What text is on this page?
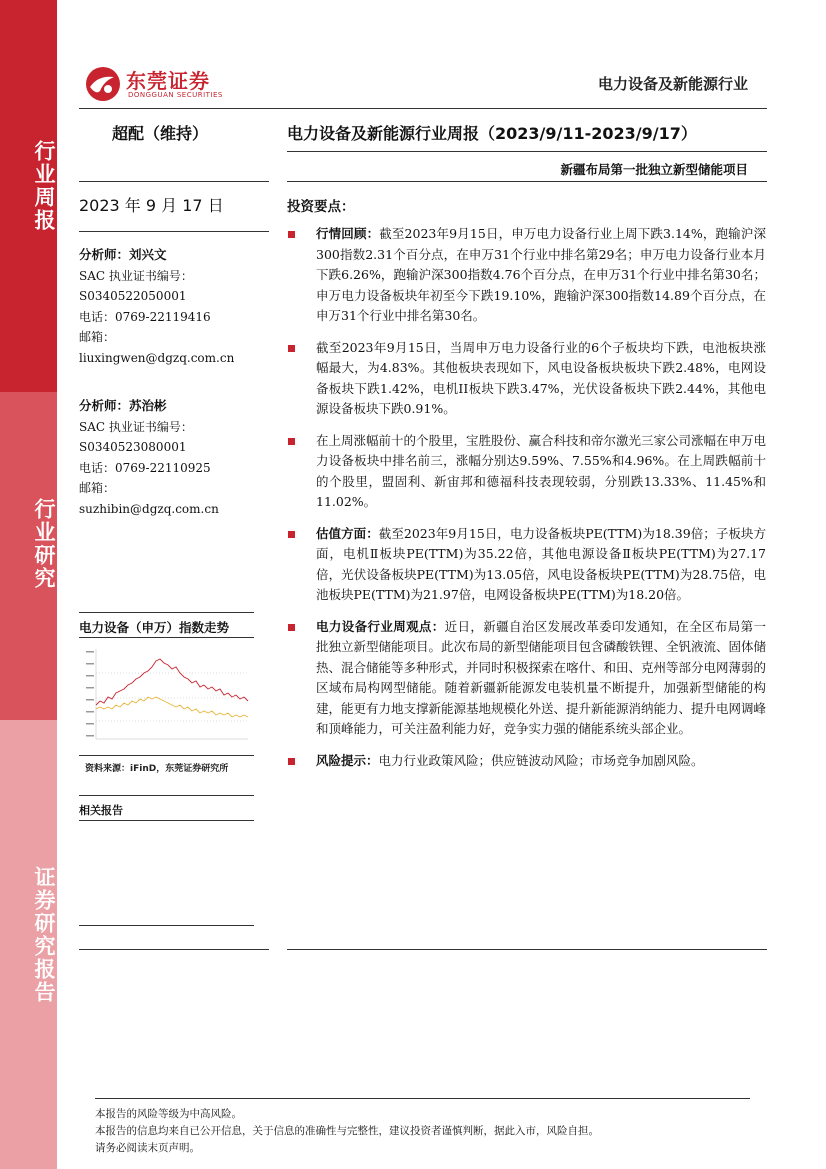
行业周报
行业研究
证券研究报告
东莞证券
DONGGUAN SECURITIES
电力设备及新能源行业
超配（维持）	电力设备及新能源行业周报（2023/9/11-2023/9/17）
新疆布局第一批独立新型储能项目
2023 年 9 月 17 日
分析师：刘兴文
SAC 执业证书编号：
S0340522050001
电话：0769-22119416
邮箱：
liuxingwen@dgzq.com.cn
分析师：苏治彬
SAC 执业证书编号：
S0340523080001
电话：0769-22110925
邮箱：
suzhibin@dgzq.com.cn
电力设备（申万）指数走势
资料来源：iFinD，东莞证券研究所
相关报告
投资要点：
行情回顾：截至2023年9月15日，申万电力设备行业上周下跌3.14%，跑输沪深300指数2.31个百分点，在申万31个行业中排名第29名；申万电力设备行业本月下跌6.26%，跑输沪深300指数4.76个百分点，在申万31个行业中排名第30名；申万电力设备板块年初至今下跌19.10%，跑输沪深300指数14.89个百分点，在申万31个行业中排名第30名。
截至2023年9月15日，当周申万电力设备行业的6个子板块均下跌，电池板块涨幅最大，为4.83%。其他板块表现如下，风电设备板块板块下跌2.48%，电网设备板块下跌1.42%，电机II板块下跌3.47%，光伏设备板块下跌2.44%，其他电源设备板块下跌0.91%。
在上周涨幅前十的个股里，宝胜股份、赢合科技和帝尔激光三家公司涨幅在申万电力设备板块中排名前三，涨幅分别达9.59%、7.55%和4.96%。在上周跌幅前十的个股里，盟固利、新宙邦和德福科技表现较弱，分别跌13.33%、11.45%和11.02%。
估值方面：截至2023年9月15日，电力设备板块PE(TTM)为18.39倍；子板块方面，电机Ⅱ板块PE(TTM)为35.22倍，其他电源设备Ⅱ板块PE(TTM)为27.17倍，光伏设备板块PE(TTM)为13.05倍，风电设备板块PE(TTM)为28.75倍，电池板块PE(TTM)为21.97倍，电网设备板块PE(TTM)为18.20倍。
电力设备行业周观点：近日，新疆自治区发展改革委印发通知，在全区布局第一批独立新型储能项目。此次布局的新型储能项目包含磷酸铁锂、全钒液流、固体储热、混合储能等多种形式，并同时积极探索在喀什、和田、克州等部分电网薄弱的区域布局构网型储能。随着新疆新能源发电装机量不断提升，加强新型储能的构建，能更有力地支撑新能源基地规模化外送、提升新能源消纳能力、提升电网调峰和顶峰能力，可关注盈利能力好，竞争实力强的储能系统头部企业。
风险提示：电力行业政策风险；供应链波动风险；市场竞争加剧风险。
本报告的风险等级为中高风险。
本报告的信息均来自已公开信息，关于信息的准确性与完整性，建议投资者谨慎判断，据此入市，风险自担。
请务必阅读末页声明。
